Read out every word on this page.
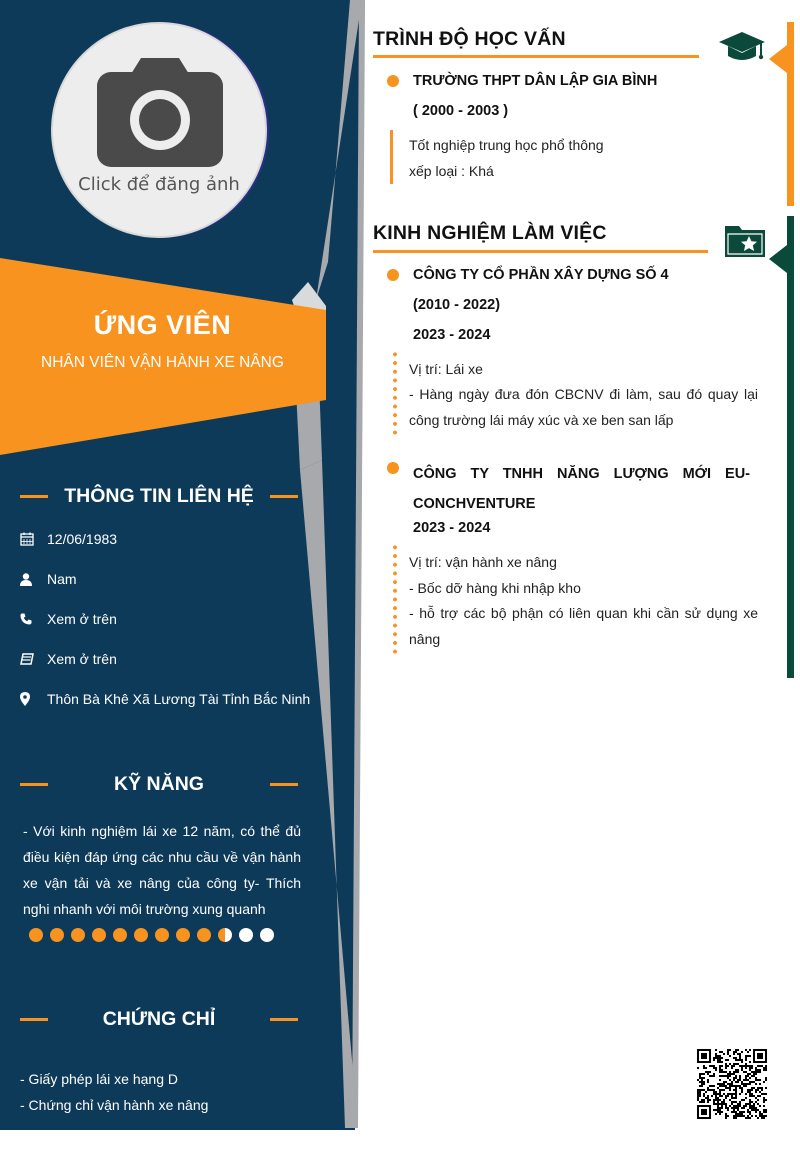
Click để đăng ảnh
ỨNG VIÊN
NHÂN VIÊN VẬN HÀNH XE NÂNG
THÔNG TIN LIÊN HỆ
12/06/1983
Nam
Xem ở trên
Xem ở trên
Thôn Bà Khê Xã Lương Tài Tỉnh Bắc Ninh
KỸ NĂNG
- Với kinh nghiệm lái xe 12 năm, có thể đủ điều kiện đáp ứng các nhu cầu về vận hành xe vận tải và xe nâng của công ty- Thích nghi nhanh với môi trường xung quanh
CHỨNG CHỈ
- Giấy phép lái xe hạng D
- Chứng chỉ vận hành xe nâng
TRÌNH ĐỘ HỌC VẤN
TRƯỜNG THPT DÂN LẬP GIA BÌNH
( 2000 - 2003 )
Tốt nghiệp trung học phổ thông
xếp loại : Khá
KINH NGHIỆM LÀM VIỆC
CÔNG TY CỔ PHẦN XÂY DỰNG SỐ 4
(2010 - 2022)
2023 - 2024
Vị trí: Lái xe
- Hàng ngày đưa đón CBCNV đi làm, sau đó quay lại công trường lái máy xúc và xe ben san lấp
CÔNG TY TNHH NĂNG LƯỢNG MỚI EU-CONCHVENTURE
2023 - 2024
Vị trí: vận hành xe nâng
- Bốc dỡ hàng khi nhập kho
- hỗ trợ các bộ phận có liên quan khi cần sử dụng xe nâng
